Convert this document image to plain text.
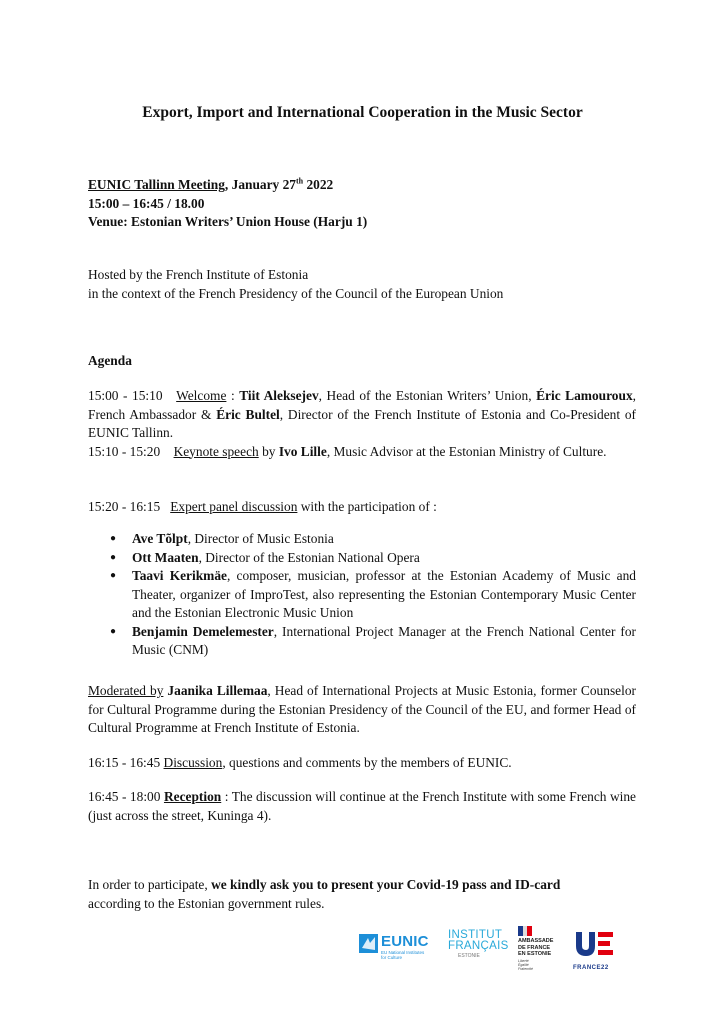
Export, Import and International Cooperation in the Music Sector

EUNIC Tallinn Meeting, January 27th 2022

15:00 – 16:45 / 18.00

Venue: Estonian Writers’ Union House (Harju 1)

Hosted by the French Institute of Estonia

in the context of the French Presidency of the Council of the European Union

Agenda

15:00 - 15:10 Welcome : Tiit Aleksejev, Head of the Estonian Writers’ Union, Éric Lamouroux, French Ambassador & Éric Bultel, Director of the French Institute of Estonia and Co-President of EUNIC Tallinn.

15:10 - 15:20 Keynote speech by Ivo Lille, Music Advisor at the Estonian Ministry of Culture.

15:20 - 16:15 Expert panel discussion with the participation of :

● Ave Tõlpt, Director of Music Estonia
● Ott Maaten, Director of the Estonian National Opera
● Taavi Kerikmäe, composer, musician, professor at the Estonian Academy of Music and Theater, organizer of ImproTest, also representing the Estonian Contemporary Music Center and the Estonian Electronic Music Union
● Benjamin Demelemester, International Project Manager at the French National Center for Music (CNM)

Moderated by Jaanika Lillemaa, Head of International Projects at Music Estonia, former Counselor for Cultural Programme during the Estonian Presidency of the Council of the EU, and former Head of Cultural Programme at French Institute of Estonia.

16:15 - 16:45 Discussion, questions and comments by the members of EUNIC.

16:45 - 18:00 Reception : The discussion will continue at the French Institute with some French wine (just across the street, Kuninga 4).

In order to participate, we kindly ask you to present your Covid-19 pass and ID-card

according to the Estonian government rules.

EUNIC
EU National Institutes
for Culture
INSTITUT
FRANÇAIS
ESTONIE
AMBASSADE
DE FRANCE
EN ESTONIE
Liberté
Égalité
Fraternité	FRANCE22
